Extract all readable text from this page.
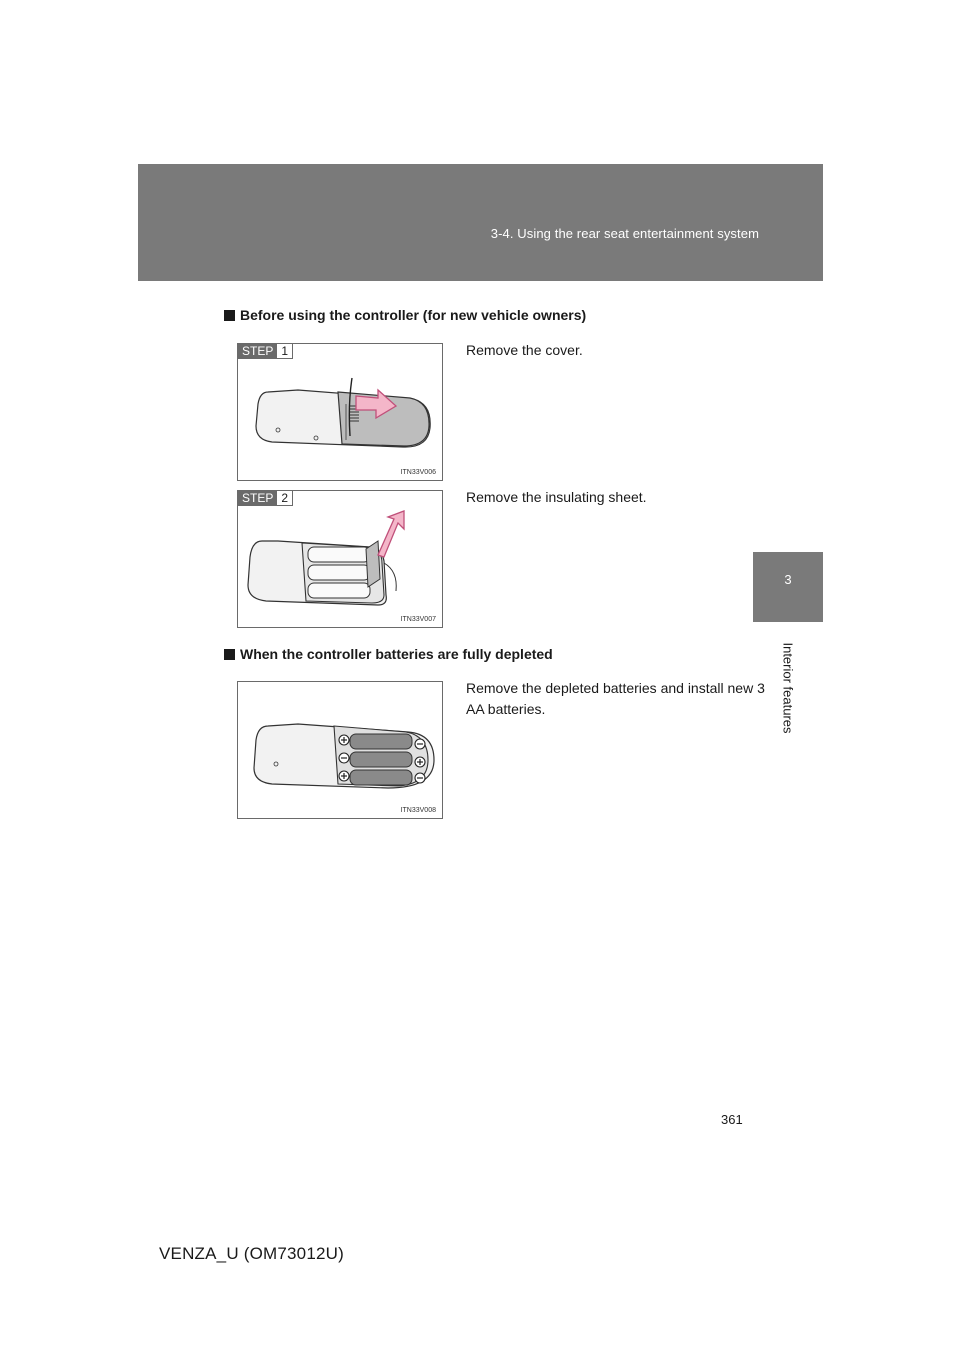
3-4. Using the rear seat entertainment system
3
Interior features
Before using the controller (for new vehicle owners)
STEP 1
ITN33V006
Remove the cover.
STEP 2
ITN33V007
Remove the insulating sheet.
When the controller batteries are fully depleted
ITN33V008
Remove the depleted batteries and install new 3 AA batteries.
361
VENZA_U (OM73012U)
